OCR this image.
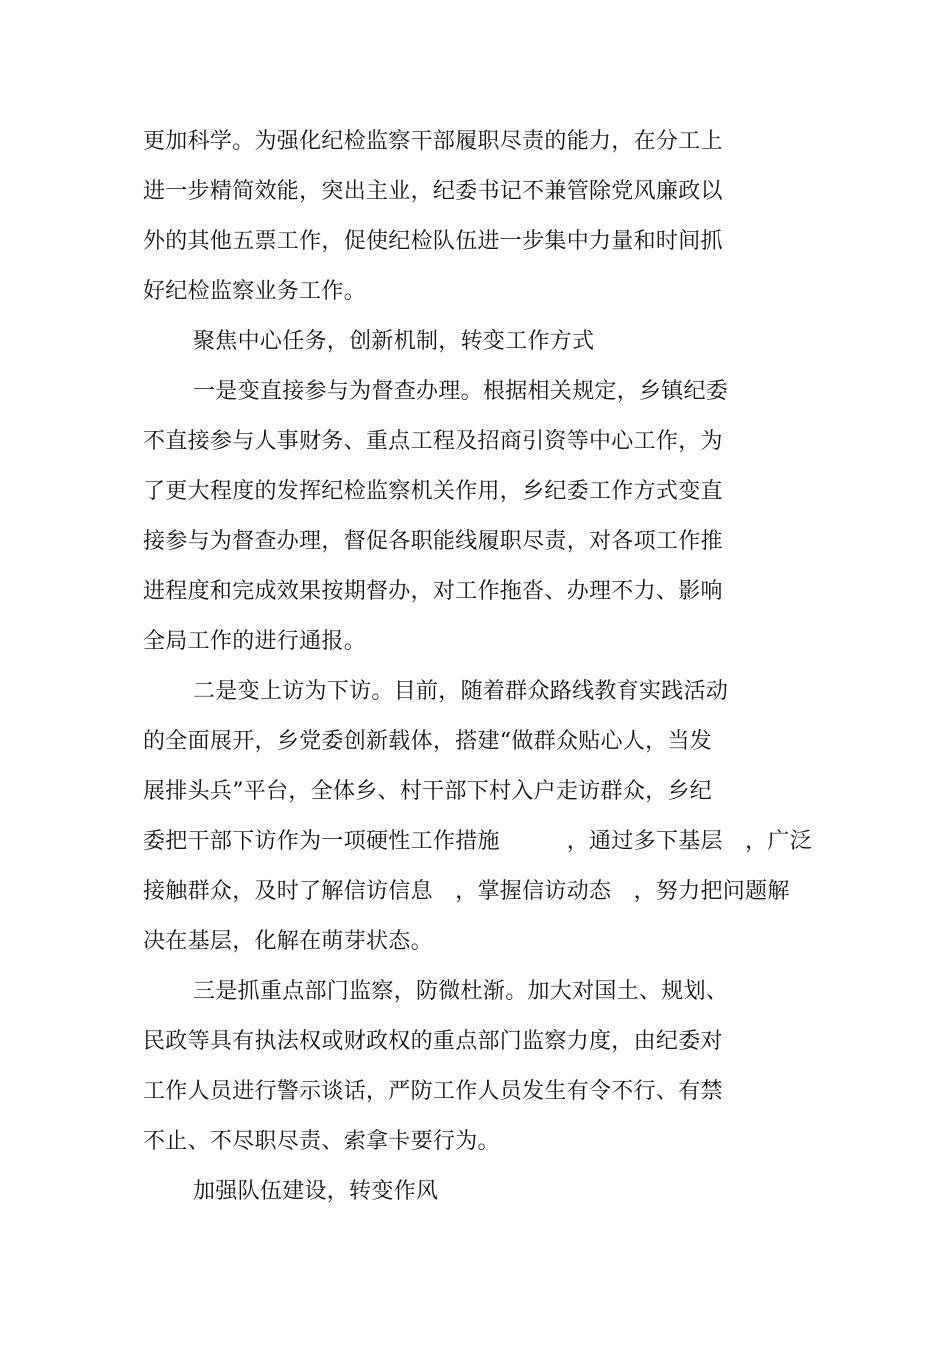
更加科学。为强化纪检监察干部履职尽责的能力，在分工上
进一步精简效能，突出主业，纪委书记不兼管除党风廉政以
外的其他五票工作，促使纪检队伍进一步集中力量和时间抓
好纪检监察业务工作。
聚焦中心任务，创新机制，转变工作方式
一是变直接参与为督查办理。根据相关规定，乡镇纪委
不直接参与人事财务、重点工程及招商引资等中心工作，为
了更大程度的发挥纪检监察机关作用，乡纪委工作方式变直
接参与为督查办理，督促各职能线履职尽责，对各项工作推
进程度和完成效果按期督办，对工作拖沓、办理不力、影响
全局工作的进行通报。
二是变上访为下访。目前，随着群众路线教育实践活动
的全面展开，乡党委创新载体，搭建“做群众贴心人，当发
展排头兵”平台，全体乡、村干部下村入户走访群众，乡纪
委把干部下访作为一项硬性工作措施　　　，通过多下基层　，广泛
接触群众，及时了解信访信息　，掌握信访动态　，努力把问题解
决在基层，化解在萌芽状态。
三是抓重点部门监察，防微杜渐。加大对国土、规划、
民政等具有执法权或财政权的重点部门监察力度，由纪委对
工作人员进行警示谈话，严防工作人员发生有令不行、有禁
不止、不尽职尽责、索拿卡要行为。
加强队伍建设，转变作风
